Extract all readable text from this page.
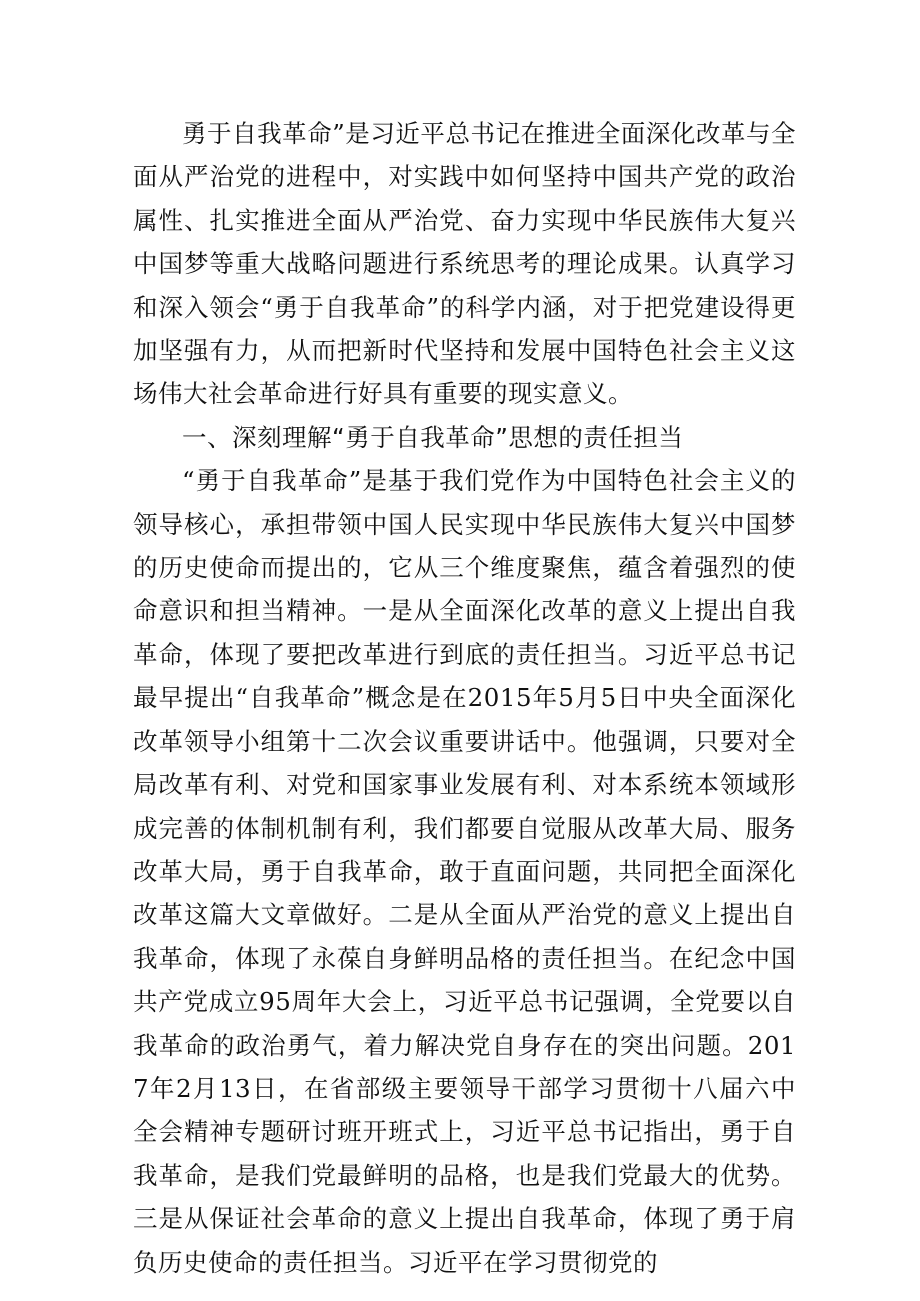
勇于自我革命”是习近平总书记在推进全面深化改革与全面从严治党的进程中，对实践中如何坚持中国共产党的政治属性、扎实推进全面从严治党、奋力实现中华民族伟大复兴中国梦等重大战略问题进行系统思考的理论成果。认真学习和深入领会“勇于自我革命”的科学内涵，对于把党建设得更加坚强有力，从而把新时代坚持和发展中国特色社会主义这场伟大社会革命进行好具有重要的现实意义。

一、深刻理解“勇于自我革命”思想的责任担当

“勇于自我革命”是基于我们党作为中国特色社会主义的领导核心，承担带领中国人民实现中华民族伟大复兴中国梦的历史使命而提出的，它从三个维度聚焦，蕴含着强烈的使命意识和担当精神。一是从全面深化改革的意义上提出自我革命，体现了要把改革进行到底的责任担当。习近平总书记最早提出“自我革命”概念是在2015年5月5日中央全面深化改革领导小组第十二次会议重要讲话中。他强调，只要对全局改革有利、对党和国家事业发展有利、对本系统本领域形成完善的体制机制有利，我们都要自觉服从改革大局、服务改革大局，勇于自我革命，敢于直面问题，共同把全面深化改革这篇大文章做好。二是从全面从严治党的意义上提出自我革命，体现了永葆自身鲜明品格的责任担当。在纪念中国共产党成立95周年大会上，习近平总书记强调，全党要以自我革命的政治勇气，着力解决党自身存在的突出问题。2017年2月13日，在省部级主要领导干部学习贯彻十八届六中全会精神专题研讨班开班式上，习近平总书记指出，勇于自我革命，是我们党最鲜明的品格，也是我们党最大的优势。三是从保证社会革命的意义上提出自我革命，体现了勇于肩负历史使命的责任担当。习近平在学习贯彻党的
